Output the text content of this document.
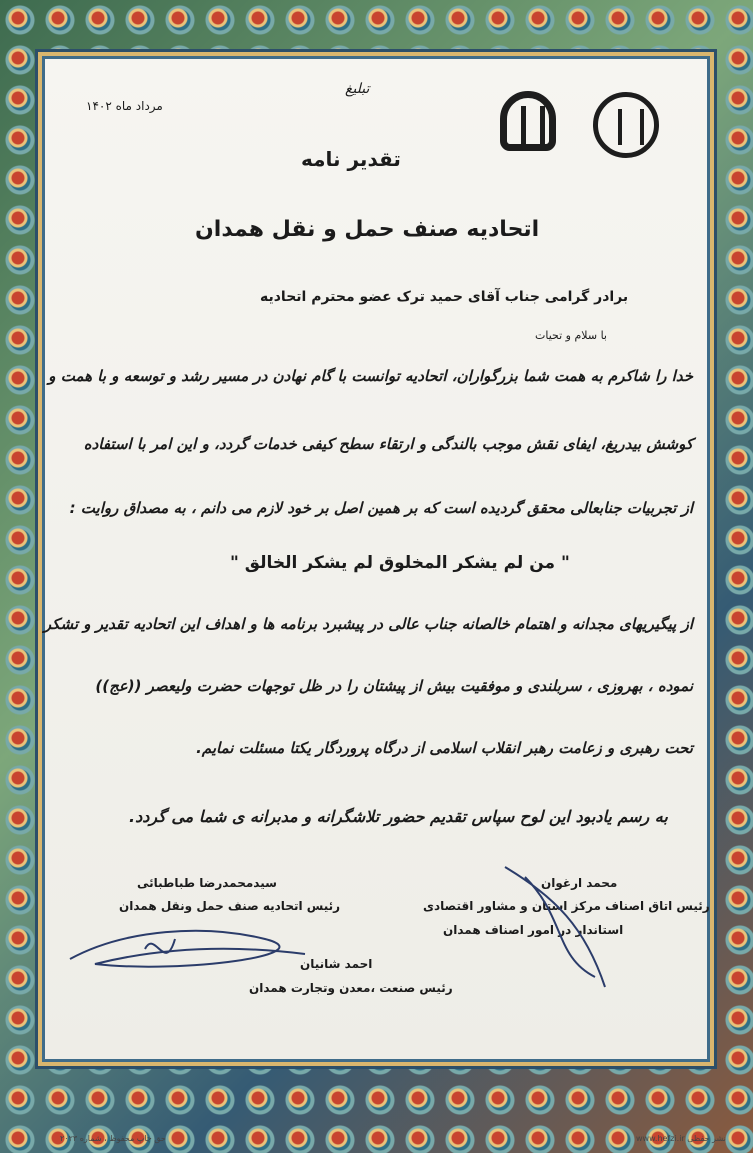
مرداد ماه ۱۴۰۲
تبلیغ
تقدیر نامه
اتحادیه صنف حمل و نقل همدان
برادر گرامی جناب آقای حمید ترک عضو محترم اتحادیه
با سلام و تحیات
خدا را شاکرم به همت شما بزرگواران، اتحادیه توانست با گام نهادن در مسیر رشد و توسعه و با همت و
کوشش بیدریغ، ایفای نقش موجب بالندگی و ارتقاء سطح کیفی خدمات گردد، و این امر با استفاده
از تجربیات جنابعالی محقق گردیده است که بر همین اصل بر خود لازم می دانم ، به مصداق روایت :
" من لم یشکر المخلوق لم یشکر الخالق "
از پیگیریهای مجدانه و اهتمام خالصانه جناب عالی در پیشبرد برنامه ها و اهداف این اتحادیه تقدیر و تشکر
نموده ، بهروزی ، سربلندی و موفقیت بیش از پیشتان را در ظل توجهات حضرت ولیعصر ((عج))
تحت رهبری و زعامت رهبر انقلاب اسلامی از درگاه پروردگار یکتا مسئلت نمایم.
به رسم یادبود این لوح سپاس تقدیم حضور تلاشگرانه و مدبرانه ی شما می گردد.
سیدمحمدرضا طباطبائی
رئیس اتحادیه صنف حمل ونقل همدان
محمد ارغوان
رئیس اتاق اصناف مرکز استان و مشاور اقتصادی
استاندار در امور اصناف همدان
احمد شانیان
رئیس صنعت ،معدن وتجارت همدان
حق چاپ محفوظ ، شماره ۲۰۲۳	www.hefzi.ir نشر حفظی
